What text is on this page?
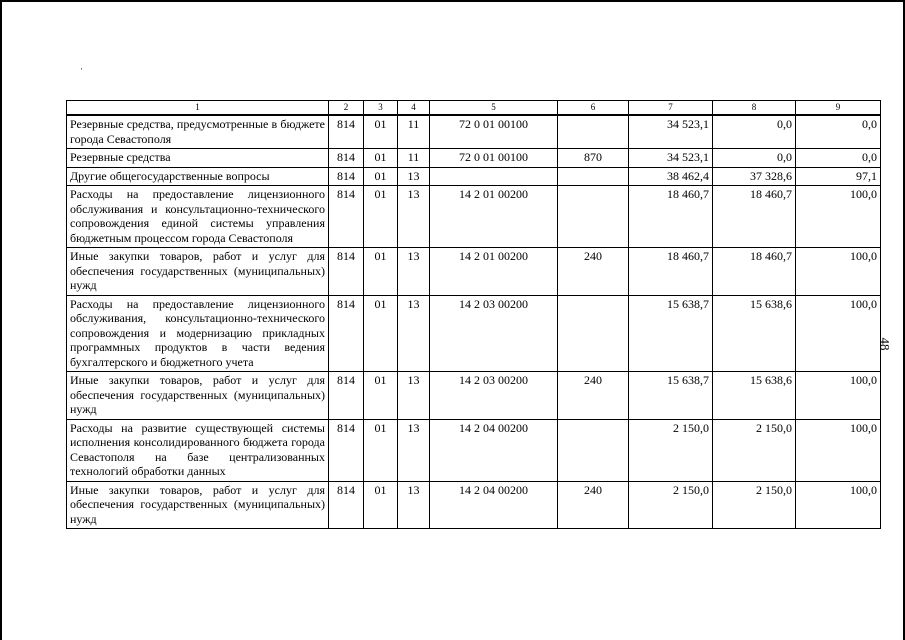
·
48
1	2	3	4	5	6	7	8	9
Резервные средства, предусмотренные в бюджете города Севастополя	814	01	11	72 0 01 00100		34 523,1	0,0	0,0
Резервные средства	814	01	11	72 0 01 00100	870	34 523,1	0,0	0,0
Другие общегосударственные вопросы	814	01	13			38 462,4	37 328,6	97,1
Расходы на предоставление лицензионного обслуживания и консультационно-технического сопровождения единой системы управления бюджетным процессом города Севастополя	814	01	13	14 2 01 00200		18 460,7	18 460,7	100,0
Иные закупки товаров, работ и услуг для обеспечения государственных (муниципальных) нужд	814	01	13	14 2 01 00200	240	18 460,7	18 460,7	100,0
Расходы на предоставление лицензионного обслуживания, консультационно-технического сопровождения и модернизацию прикладных программных продуктов в части ведения бухгалтерского и бюджетного учета	814	01	13	14 2 03 00200		15 638,7	15 638,6	100,0
Иные закупки товаров, работ и услуг для обеспечения государственных (муниципальных) нужд	814	01	13	14 2 03 00200	240	15 638,7	15 638,6	100,0
Расходы на развитие существующей системы исполнения консолидированного бюджета города Севастополя на базе централизованных технологий обработки данных	814	01	13	14 2 04 00200		2 150,0	2 150,0	100,0
Иные закупки товаров, работ и услуг для обеспечения государственных (муниципальных) нужд	814	01	13	14 2 04 00200	240	2 150,0	2 150,0	100,0
